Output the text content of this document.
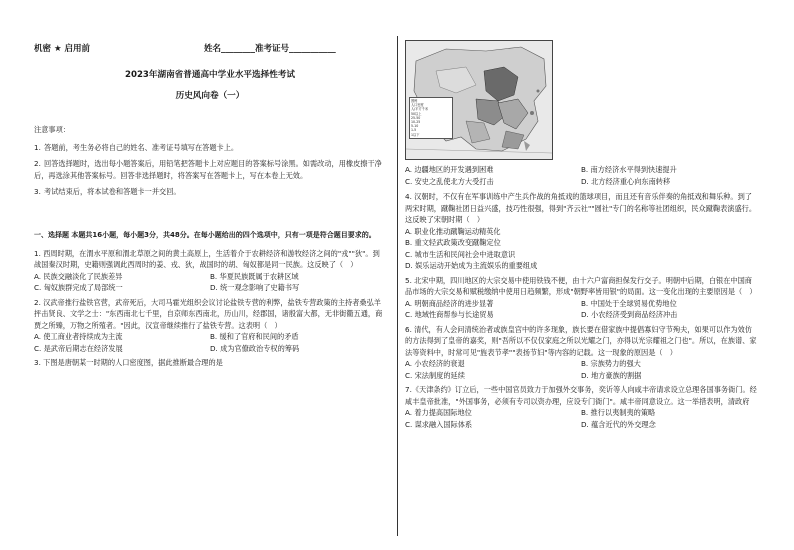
机密 ★ 启用前	姓名________准考证号___________
2023年湖南省普通高中学业水平选择性考试
历史风向卷（一）

注意事项：

1. 答题前，考生务必将自己的姓名、准考证号填写在答题卡上。

2. 回答选择题时，选出每小题答案后，用铅笔把答题卡上对应题目的答案标号涂黑。如需改动，用橡皮擦干净后，再选涂其他答案标号。回答非选择题时，将答案写在答题卡上，写在本卷上无效。

3. 考试结束后，将本试卷和答题卡一并交回。

一、选择题 本题共16小题，每小题3分，共48分。在每小题给出的四个选项中，只有一项是符合题目要求的。

1. 西周时期，在渭水平原和渭北草原之间的黄土高原上，生活着介于农耕经济和游牧经济之间的"戎""狄"。到战国秦汉时期，史籍则强调此西周时的姜、戎、狄，战国时的胡、匈奴都是同一民族。这反映了（　）

A. 民族交融淡化了民族差异	B. 华夏民族既属于农耕区域
C. 匈奴族群完成了局部统一	D. 统一观念影响了史籍书写

2. 汉武帝推行盐铁官营，武帝死后，大司马霍光组织会议讨论盐铁专营的利弊，盐铁专营政策的主持者桑弘羊抨击贤良、文学之士："东西南北七千里，自京师东西南北，历山川，经郡国，诸殷富大都，无非街衢五通，商贾之所臻，万物之所殖者。"因此，汉宣帝继续推行了盐铁专营。这表明（　）

A. 使工商业者持续成为主流	B. 缓和了官府和民间的矛盾
C. 是武帝后期志在经济发展	D. 成为官僚政治专权的筹码

3. 下图是唐朝某一时期的人口密度图，据此推断最合理的是

图例
人口密度
人/平方千米
50以上
25-50
10-25
5-10
1-5
1以下
A. 边疆地区的开发遇到困难	B. 南方经济水平得到快速提升
C. 安史之乱使北方大受打击	D. 北方经济重心向东南转移

4. 汉朝时，不仅有在军事训练中产生兵作战的角抵戏的篮球项目，而且还有音乐伴奏的角抵戏和舞乐种。到了两宋时期，蹴鞠社团日益兴盛，技巧性很强，得到"齐云社""圆社"专门的名称等社团组织，民众蹴鞠表演盛行。这反映了宋朝时期（　）

A. 职业化推动蹴鞠运动精英化

B. 重文轻武政策改变蹴鞠定位

C. 城市生活和民间社会中进取意识

D. 娱乐运动开始成为主流娱乐的重要组成

5. 北宋中期，四川地区的大宗交易中使用铁钱不便，由十六户富商担保发行交子。明朝中后期，白银在中国商品市场的大宗交易和赋税缴纳中使用日趋频繁，形成"朝野率皆用银"的局面。这一变化出现的主要原因是（　）

A. 明朝商品经济的进步显著	B. 中国处于全球贸易优势地位
C. 地域性商帮参与长途贸易	D. 小农经济受到商品经济冲击

6. 清代，有人会问清统治者或族皇宫中的许多现象，族长要在借家族中提倡寡妇守节殉夫，如果可以作为效仿的方法得到了皇帝的嘉奖，则"吾所以不仅仅家庭之所以光耀之门，亦得以光宗耀祖之门也"。所以，在族谱、家法等资料中，时常可见"旌表节孝""表扬节妇"等内容的记载。这一现象的原因是（　）

A. 小农经济的衰退	B. 宗族势力的强大
C. 宋法制度的延续	D. 地方豪族的割据

7.《天津条约》订立后，一些中国官员致力于加强外交事务，奕䜣等人向咸丰帝请求设立总理各国事务衙门。经咸丰皇帝批准，"外国事务，必须有专司以资办理，应设专门衙门"。咸丰帝同意设立。这一举措表明，清政府

A. 着力提高国际地位	B. 推行以夷制夷的策略
C. 谋求融入国际体系	D. 蕴含近代的外交理念
